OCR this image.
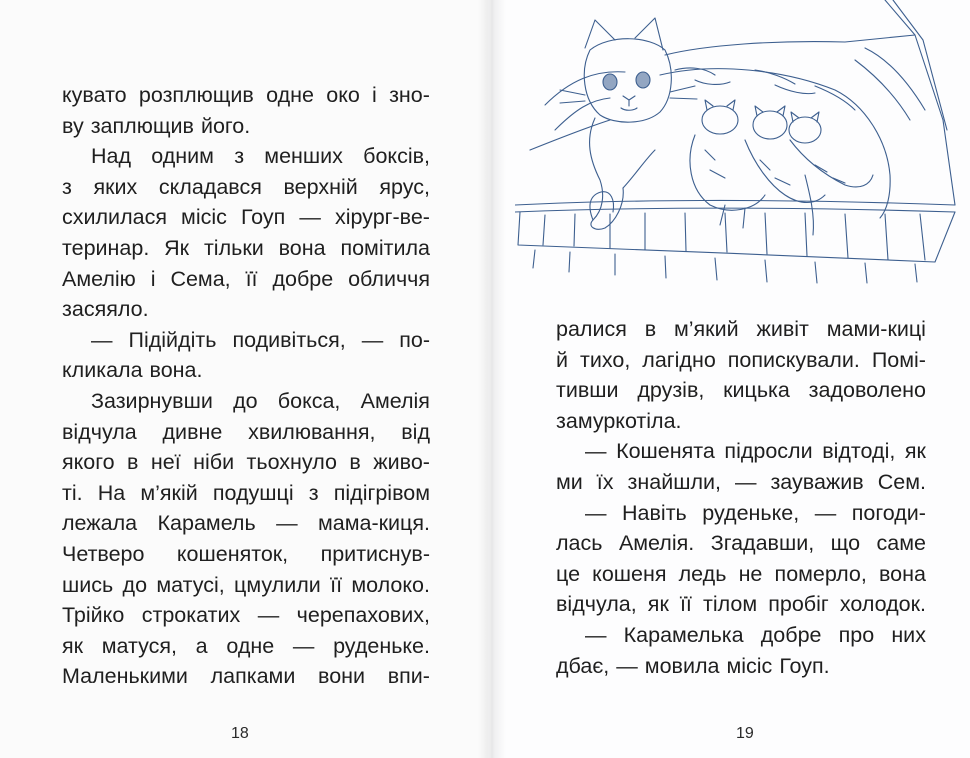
кувато розплющив одне око і зно-
ву заплющив його.
Над одним з менших боксів,
з яких складався верхній ярус,
схилилася місіс Гоуп — хірург-ве-
теринар. Як тільки вона помітила
Амелію і Сема, її добре обличчя
засяяло.
— Підійдіть подивіться, — по-
кликала вона.
Зазирнувши до бокса, Амелія
відчула дивне хвилювання, від
якого в неї ніби тьохнуло в живо-
ті. На м’якій подушці з підігрівом
лежала Карамель — мама-киця.
Четверо кошеняток, притиснув-
шись до матусі, цмулили її молоко.
Трійко строкатих — черепахових,
як матуся, а одне — руденьке.
Маленькими лапками вони впи-
ралися в м’який живіт мами-киці
й тихо, лагідно попискували. Помі-
тивши друзів, кицька задоволено
замуркотіла.
— Кошенята підросли відтоді, як
ми їх знайшли, — зауважив Сем.
— Навіть руденьке, — погоди-
лась Амелія. Згадавши, що саме
це кошеня ледь не померло, вона
відчула, як її тілом пробіг холодок.
— Карамелька добре про них
дбає, — мовила місіс Гоуп.
18	19
